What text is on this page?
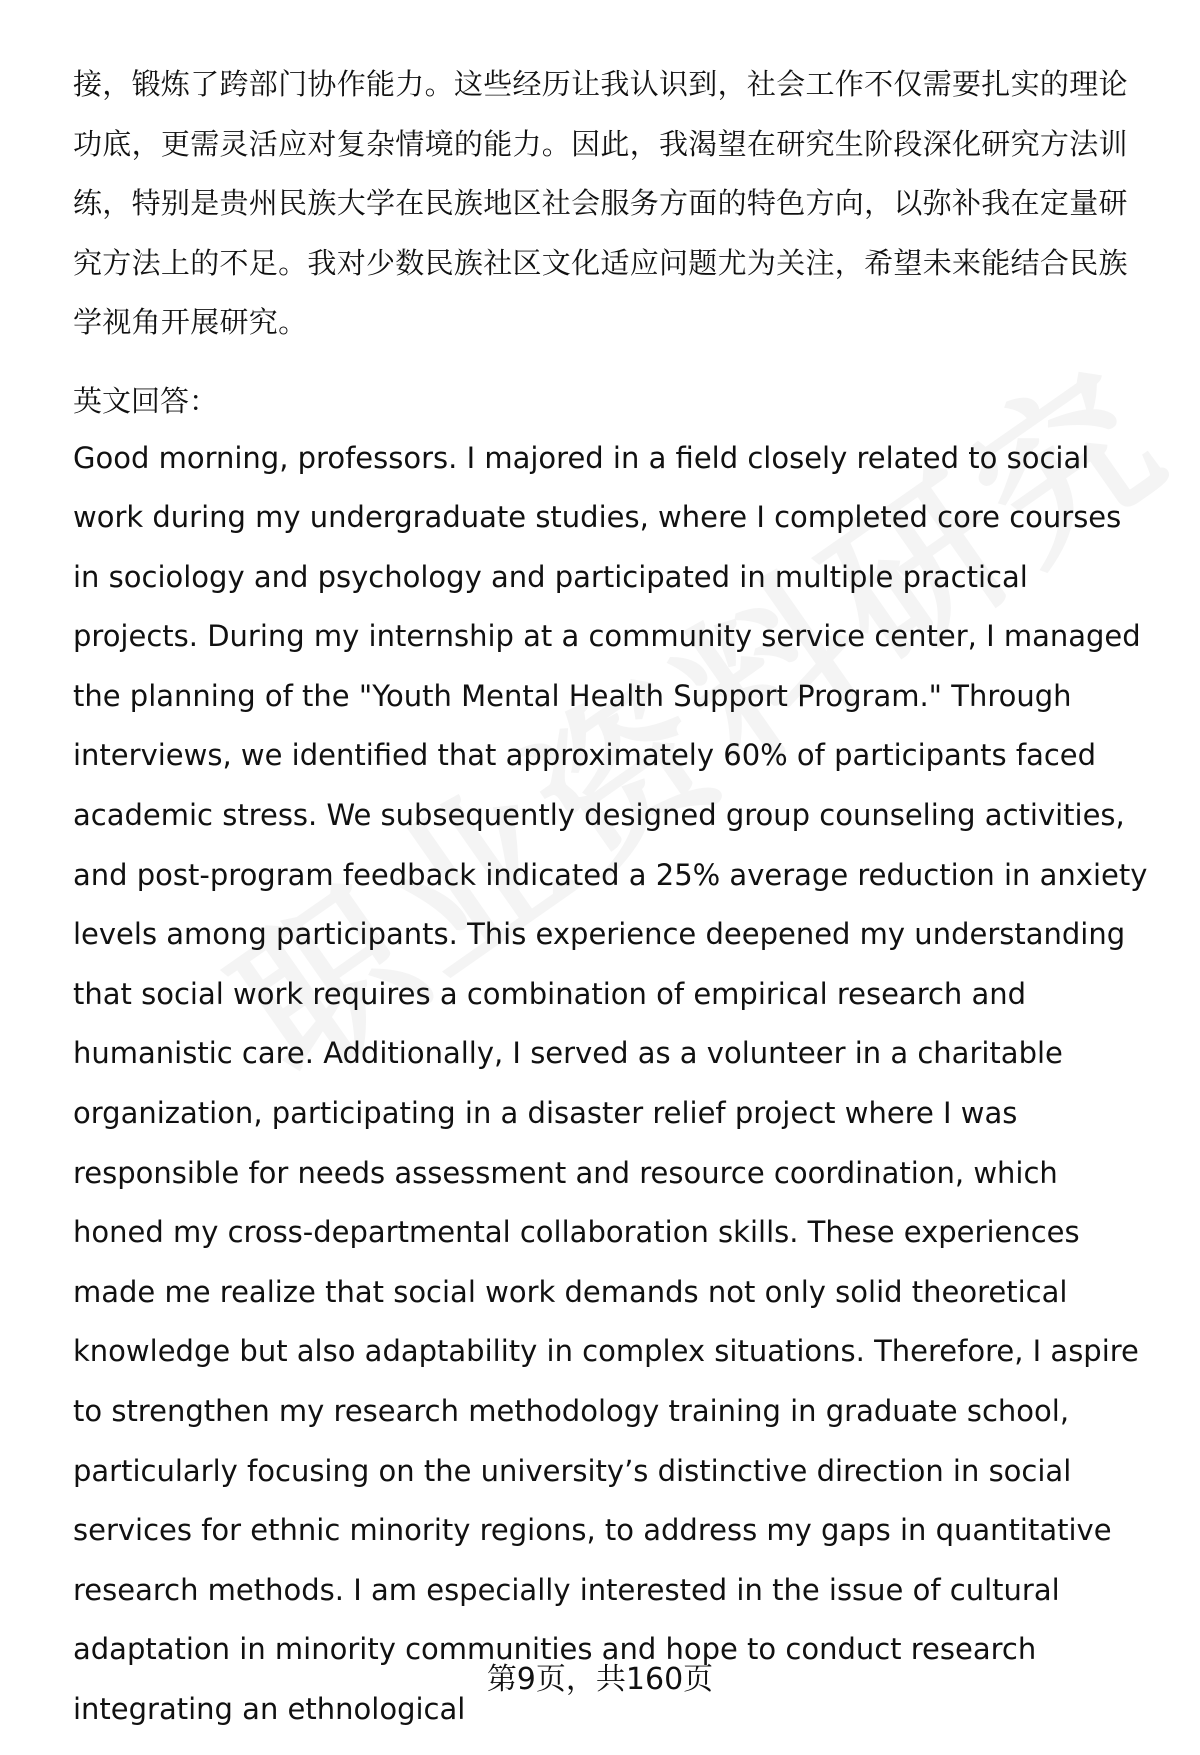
接，锻炼了跨部门协作能力。这些经历让我认识到，社会工作不仅需要扎实的理论功底，更需灵活应对复杂情境的能力。因此，我渴望在研究生阶段深化研究方法训练，特别是贵州民族大学在民族地区社会服务方面的特色方向，以弥补我在定量研究方法上的不足。我对少数民族社区文化适应问题尤为关注，希望未来能结合民族学视角开展研究。

英文回答：

Good morning, professors. I majored in a field closely related to social work during my undergraduate studies, where I completed core courses in sociology and psychology and participated in multiple practical projects. During my internship at a community service center, I managed the planning of the "Youth Mental Health Support Program." Through interviews, we identified that approximately 60% of participants faced academic stress. We subsequently designed group counseling activities, and post-program feedback indicated a 25% average reduction in anxiety levels among participants. This experience deepened my understanding that social work requires a combination of empirical research and humanistic care. Additionally, I served as a volunteer in a charitable organization, participating in a disaster relief project where I was responsible for needs assessment and resource coordination, which honed my cross-departmental collaboration skills. These experiences made me realize that social work demands not only solid theoretical knowledge but also adaptability in complex situations. Therefore, I aspire to strengthen my research methodology training in graduate school, particularly focusing on the university’s distinctive direction in social services for ethnic minority regions, to address my gaps in quantitative research methods. I am especially interested in the issue of cultural adaptation in minority communities and hope to conduct research integrating an ethnological

第9页，共160页
